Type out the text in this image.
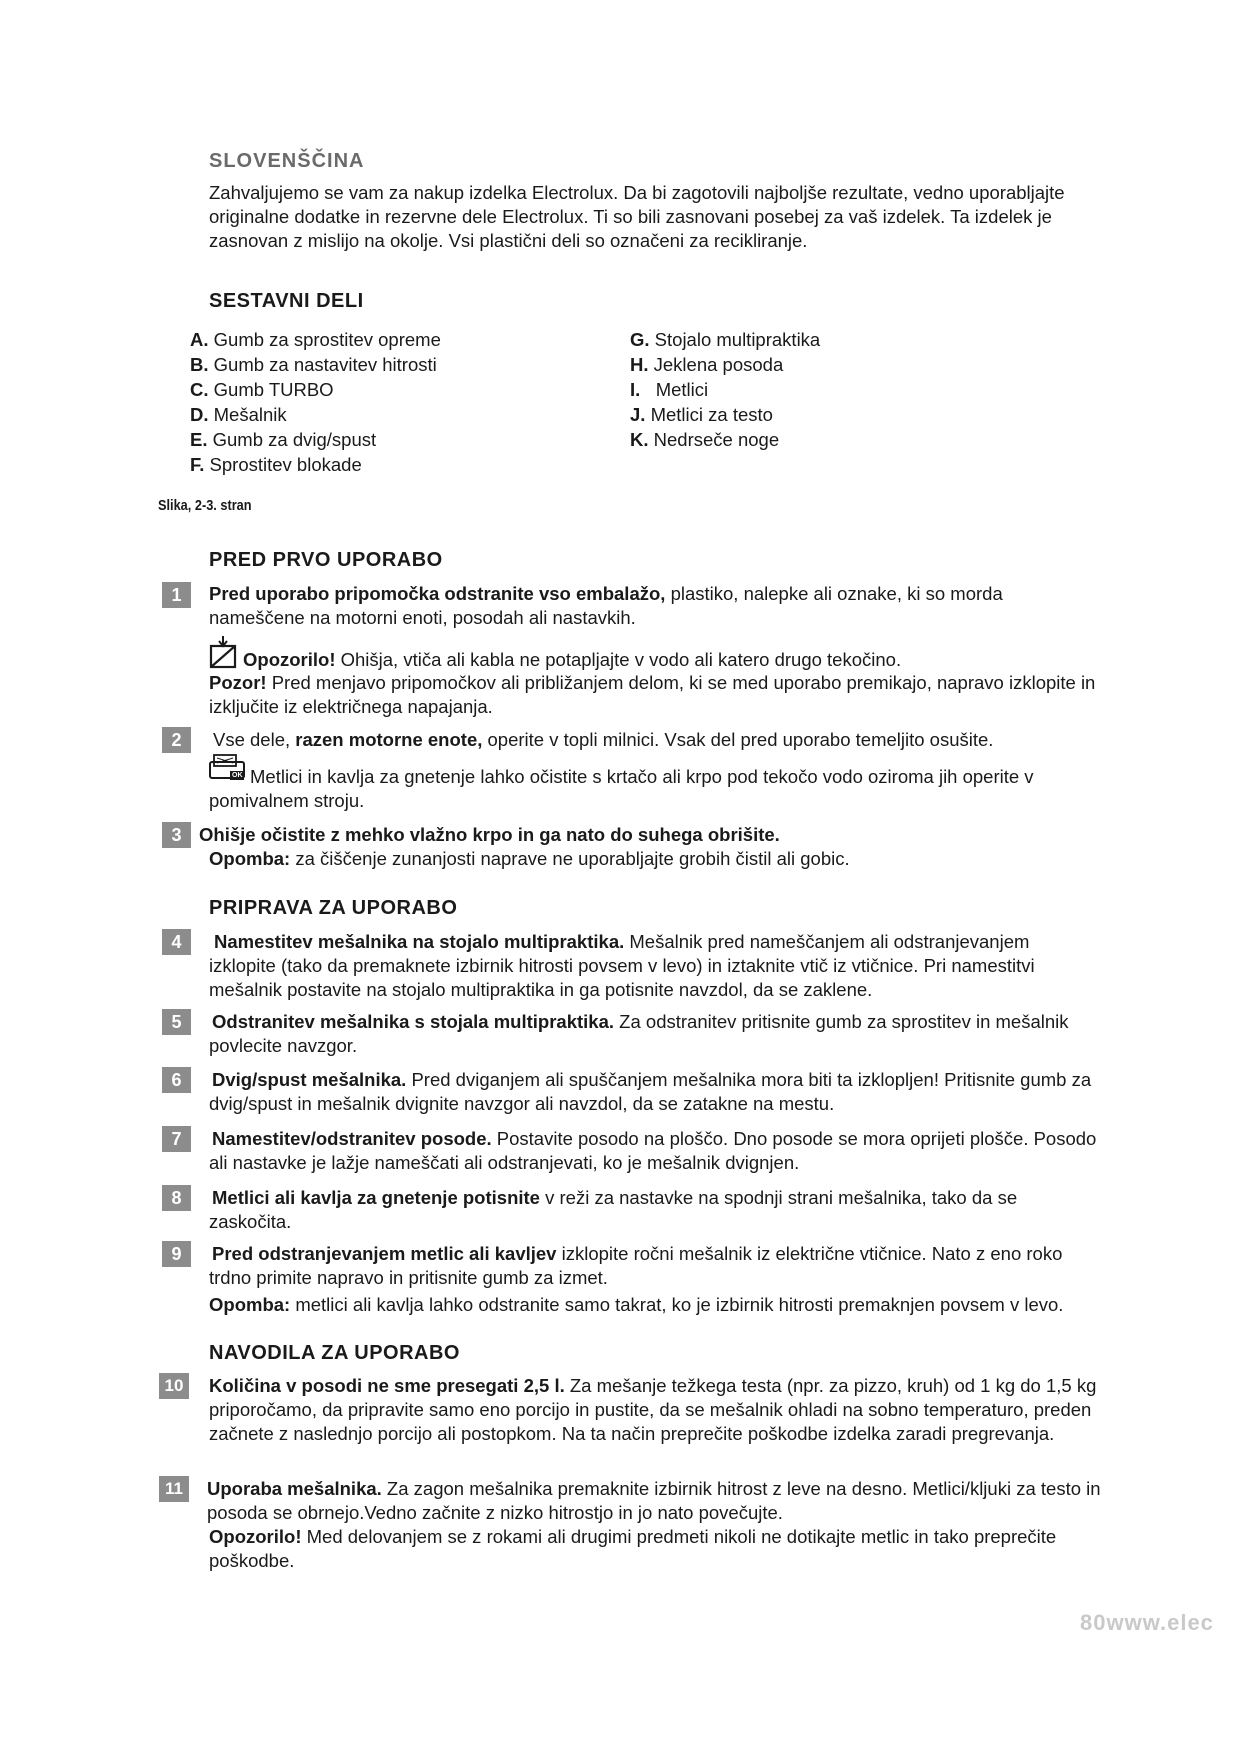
SLOVENŠČINA
Zahvaljujemo se vam za nakup izdelka Electrolux. Da bi zagotovili najboljše rezultate, vedno uporabljajte originalne dodatke in rezervne dele Electrolux. Ti so bili zasnovani posebej za vaš izdelek. Ta izdelek je zasnovan z mislijo na okolje. Vsi plastični deli so označeni za recikliranje.
SESTAVNI DELI
A. Gumb za sprostitev opreme
B. Gumb za nastavitev hitrosti
C. Gumb TURBO
D. Mešalnik
E. Gumb za dvig/spust
F. Sprostitev blokade
G. Stojalo multipraktika
H. Jeklena posoda
I. Metlici
J. Metlici za testo
K. Nedrseče noge
Slika, 2-3. stran
PRED PRVO UPORABO
1	Pred uporabo pripomočka odstranite vso embalažo, plastiko, nalepke ali oznake, ki so morda nameščene na motorni enoti, posodah ali nastavkih.
Opozorilo! Ohišja, vtiča ali kabla ne potapljajte v vodo ali katero drugo tekočino.
Pozor! Pred menjavo pripomočkov ali približanjem delom, ki se med uporabo premikajo, napravo izklopite in izključite iz električnega napajanja.
2	Vse dele, razen motorne enote, operite v topli milnici. Vsak del pred uporabo temeljito osušite.
OK Metlici in kavlja za gnetenje lahko očistite s krtačo ali krpo pod tekočo vodo oziroma jih operite v pomivalnem stroju.
3 Ohišje očistite z mehko vlažno krpo in ga nato do suhega obrišite.
Opomba: za čiščenje zunanjosti naprave ne uporabljajte grobih čistil ali gobic.
PRIPRAVA ZA UPORABO
4	Namestitev mešalnika na stojalo multipraktika. Mešalnik pred nameščanjem ali odstranjevanjem izklopite (tako da premaknete izbirnik hitrosti povsem v levo) in iztaknite vtič iz vtičnice. Pri namestitvi mešalnik postavite na stojalo multipraktika in ga potisnite navzdol, da se zaklene.
5	Odstranitev mešalnika s stojala multipraktika. Za odstranitev pritisnite gumb za sprostitev in mešalnik povlecite navzgor.
6	Dvig/spust mešalnika. Pred dviganjem ali spuščanjem mešalnika mora biti ta izklopljen! Pritisnite gumb za dvig/spust in mešalnik dvignite navzgor ali navzdol, da se zatakne na mestu.
7	Namestitev/odstranitev posode. Postavite posodo na ploščo. Dno posode se mora oprijeti plošče. Posodo ali nastavke je lažje nameščati ali odstranjevati, ko je mešalnik dvignjen.
8	Metlici ali kavlja za gnetenje potisnite v reži za nastavke na spodnji strani mešalnika, tako da se zaskočita.
9	Pred odstranjevanjem metlic ali kavljev izklopite ročni mešalnik iz električne vtičnice. Nato z eno roko trdno primite napravo in pritisnite gumb za izmet.
Opomba: metlici ali kavlja lahko odstranite samo takrat, ko je izbirnik hitrosti premaknjen povsem v levo.
NAVODILA ZA UPORABO
10 Količina v posodi ne sme presegati 2,5 l. Za mešanje težkega testa (npr. za pizzo, kruh) od 1 kg do 1,5 kg priporočamo, da pripravite samo eno porcijo in pustite, da se mešalnik ohladi na sobno temperaturo, preden začnete z naslednjo porcijo ali postopkom. Na ta način preprečite poškodbe izdelka zaradi pregrevanja.
11	Uporaba mešalnika. Za zagon mešalnika premaknite izbirnik hitrost z leve na desno. Metlici/kljuki za testo in posoda se obrnejo.Vedno začnite z nizko hitrostjo in jo nato povečujte.
Opozorilo! Med delovanjem se z rokami ali drugimi predmeti nikoli ne dotikajte metlic in tako preprečite poškodbe.
80www.elec
